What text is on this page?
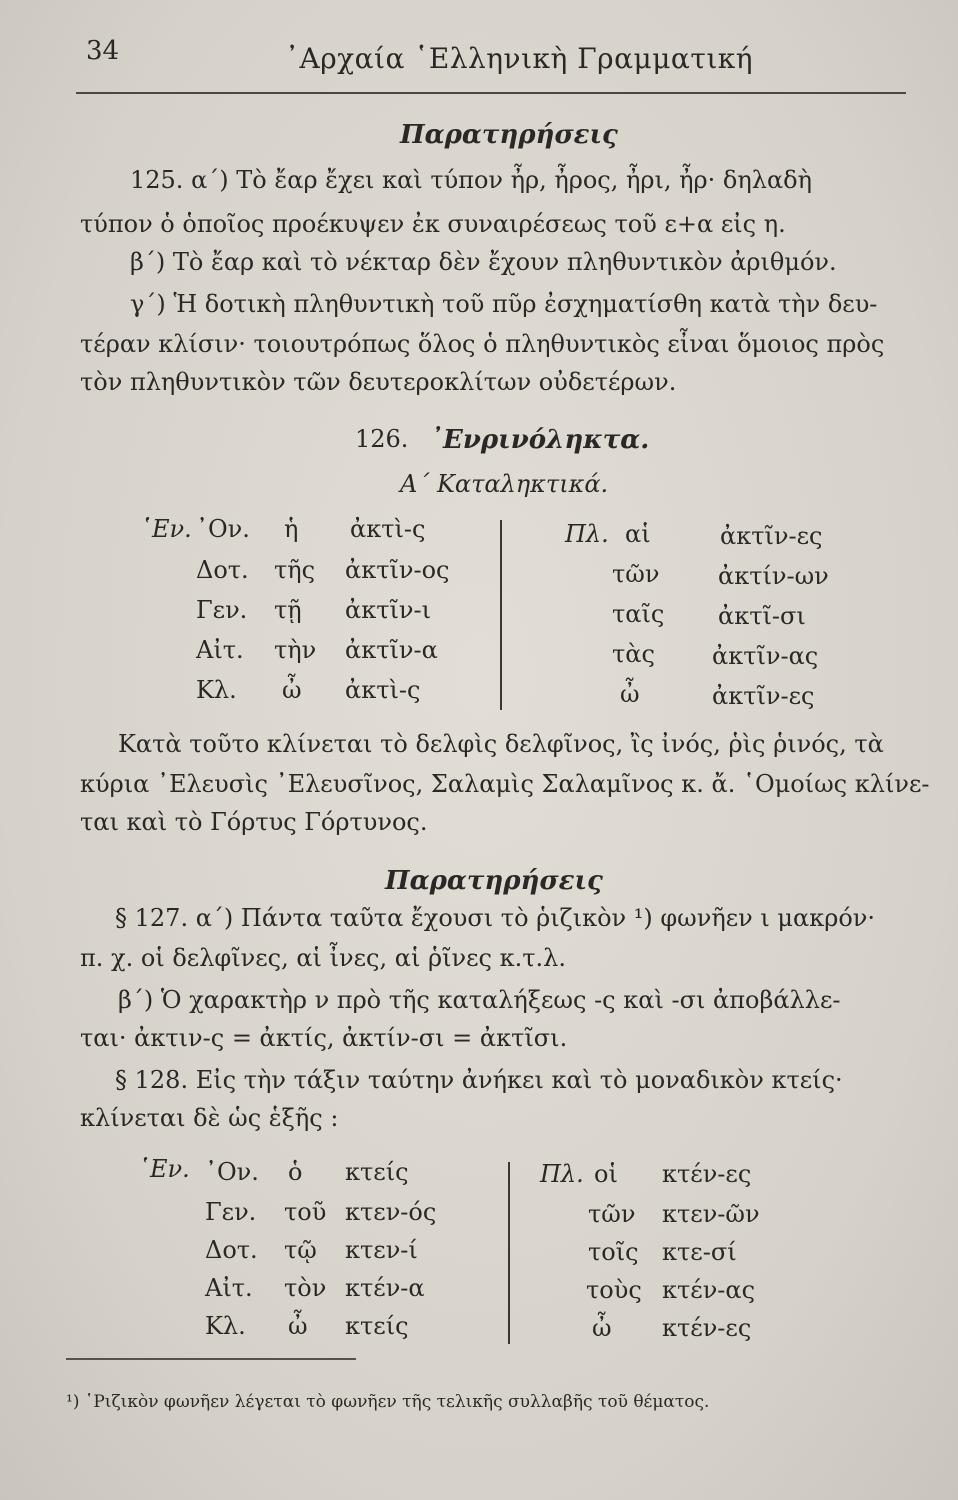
34	᾿Αρχαία ῾Ελληνικὴ Γραμματική
Παρατηρήσεις
125. α΄) Τὸ ἔαρ ἔχει καὶ τύπον ἦρ, ἦρος, ἦρι, ἦρ· δηλαδὴ
τύπον ὁ ὁποῖος προέκυψεν ἐκ συναιρέσεως τοῦ ε+α εἰς η.
β΄) Τὸ ἔαρ καὶ τὸ νέκταρ δὲν ἔχουν πληθυντικὸν ἀριθμόν.
γ΄) Ἡ δοτικὴ πληθυντικὴ τοῦ πῦρ ἐσχηματίσθη κατὰ τὴν δευ-
τέραν κλίσιν· τοιουτρόπως ὅλος ὁ πληθυντικὸς εἶναι ὅμοιος πρὸς
τὸν πληθυντικὸν τῶν δευτεροκλίτων οὐδετέρων.
126. ᾿Ενρινόληκτα.
Α΄ Καταληκτικά.
῾Εν. ᾿Ον.
Δοτ.
Γεν.
Αἰτ.
Κλ.
ἡ
τῆς
τῇ
τὴν
ὦ
ἀκτὶ-ς
ἀκτῖν-ος
ἀκτῖν-ι
ἀκτῖν-α
ἀκτὶ-ς
Πλ. αἱ
τῶν
ταῖς
τὰς
ὦ
ἀκτῖν-ες
ἀκτίν-ων
ἀκτῖ-σι
ἀκτῖν-ας
ἀκτῖν-ες
Κατὰ τοῦτο κλίνεται τὸ δελφὶς δελφῖνος, ἲς ἰνός, ῥὶς ῥινός, τὰ
κύρια ᾿Ελευσὶς ᾿Ελευσῖνος, Σαλαμὶς Σαλαμῖνος κ. ἄ. ῾Ομοίως κλίνε-
ται καὶ τὸ Γόρτυς Γόρτυνος.
Παρατηρήσεις
§ 127. α΄) Πάντα ταῦτα ἔχουσι τὸ ῥιζικὸν ¹) φωνῆεν ι μακρόν·
π. χ. οἱ δελφῖνες, αἱ ἶνες, αἱ ῥῖνες κ.τ.λ.
β΄) Ὁ χαρακτὴρ ν πρὸ τῆς καταλήξεως -ς καὶ -σι ἀποβάλλε-
ται· ἀκτιν-ς = ἀκτίς, ἀκτίν-σι = ἀκτῖσι.
§ 128. Εἰς τὴν τάξιν ταύτην ἀνήκει καὶ τὸ μοναδικὸν κτείς·
κλίνεται δὲ ὡς ἑξῆς :
῾Εν. ᾿Ον.
Γεν.
Δοτ.
Αἰτ.
Κλ.
ὁ
τοῦ
τῷ
τὸν
ὦ
κτείς
κτεν-ός
κτεν-ί
κτέν-α
κτείς
Πλ. οἱ
τῶν
τοῖς
τοὺς
ὦ
κτέν-ες
κτεν-ῶν
κτε-σί
κτέν-ας
κτέν-ες
¹) ῾Ριζικὸν φωνῆεν λέγεται τὸ φωνῆεν τῆς τελικῆς συλλαβῆς τοῦ θέματος.
